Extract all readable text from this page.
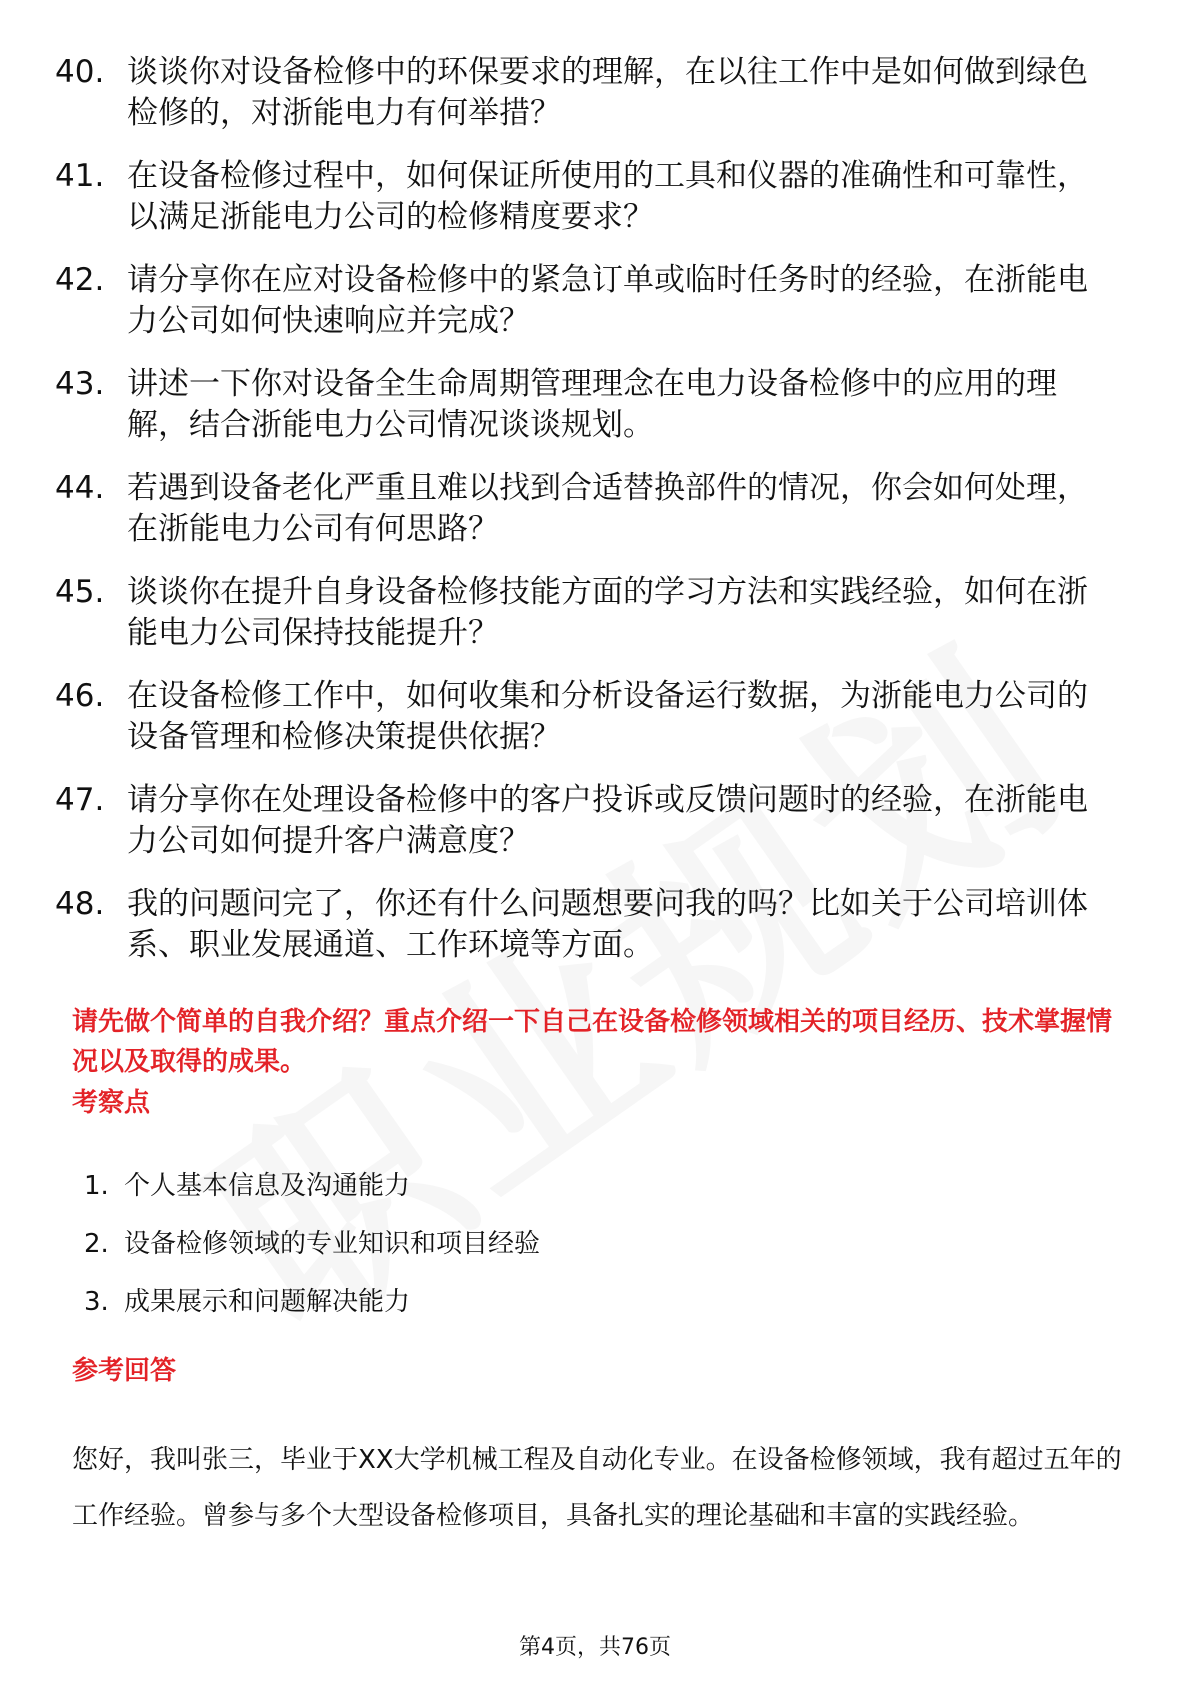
40. 谈谈你对设备检修中的环保要求的理解，在以往工作中是如何做到绿色检修的，对浙能电力有何举措？
41. 在设备检修过程中，如何保证所使用的工具和仪器的准确性和可靠性，以满足浙能电力公司的检修精度要求？
42. 请分享你在应对设备检修中的紧急订单或临时任务时的经验，在浙能电力公司如何快速响应并完成？
43. 讲述一下你对设备全生命周期管理理念在电力设备检修中的应用的理解，结合浙能电力公司情况谈谈规划。
44. 若遇到设备老化严重且难以找到合适替换部件的情况，你会如何处理，在浙能电力公司有何思路？
45. 谈谈你在提升自身设备检修技能方面的学习方法和实践经验，如何在浙能电力公司保持技能提升？
46. 在设备检修工作中，如何收集和分析设备运行数据，为浙能电力公司的设备管理和检修决策提供依据？
47. 请分享你在处理设备检修中的客户投诉或反馈问题时的经验，在浙能电力公司如何提升客户满意度？
48. 我的问题问完了，你还有什么问题想要问我的吗？比如关于公司培训体系、职业发展通道、工作环境等方面。
请先做个简单的自我介绍？重点介绍一下自己在设备检修领域相关的项目经历、技术掌握情况以及取得的成果。
考察点
1. 个人基本信息及沟通能力
2. 设备检修领域的专业知识和项目经验
3. 成果展示和问题解决能力
参考回答
您好，我叫张三，毕业于XX大学机械工程及自动化专业。在设备检修领域，我有超过五年的工作经验。曾参与多个大型设备检修项目，具备扎实的理论基础和丰富的实践经验。
第4页，共76页
